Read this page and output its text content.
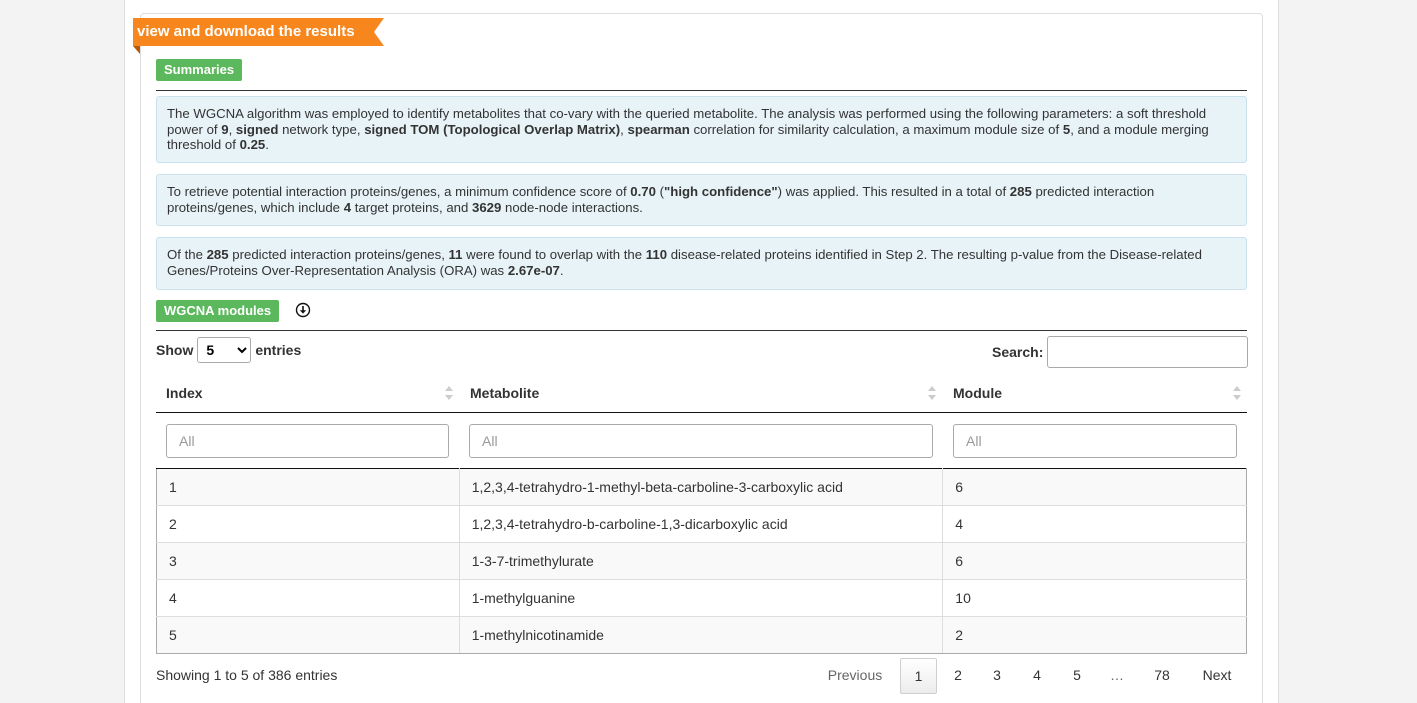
view and download the results
Summaries
The WGCNA algorithm was employed to identify metabolites that co-vary with the queried metabolite. The analysis was performed using the following parameters: a soft threshold power of 9, signed network type, signed TOM (Topological Overlap Matrix), spearman correlation for similarity calculation, a maximum module size of 5, and a module merging threshold of 0.25.
To retrieve potential interaction proteins/genes, a minimum confidence score of 0.70 ("high confidence") was applied. This resulted in a total of 285 predicted interaction proteins/genes, which include 4 target proteins, and 3629 node-node interactions.
Of the 285 predicted interaction proteins/genes, 11 were found to overlap with the 110 disease-related proteins identified in Step 2. The resulting p-value from the Disease-related Genes/Proteins Over-Representation Analysis (ORA) was 2.67e-07.
WGCNA modules
Show
5	entries	Search:
Index	Metabolite	Module
All
All
All
1	1,2,3,4-tetrahydro-1-methyl-beta-carboline-3-carboxylic acid	6
2	1,2,3,4-tetrahydro-b-carboline-1,3-dicarboxylic acid	4
3	1-3-7-trimethylurate	6
4	1-methylguanine	10
5	1-methylnicotinamide	2
Showing 1 to 5 of 386 entries	Previous	1	2	3	4	5	…	78	Next
